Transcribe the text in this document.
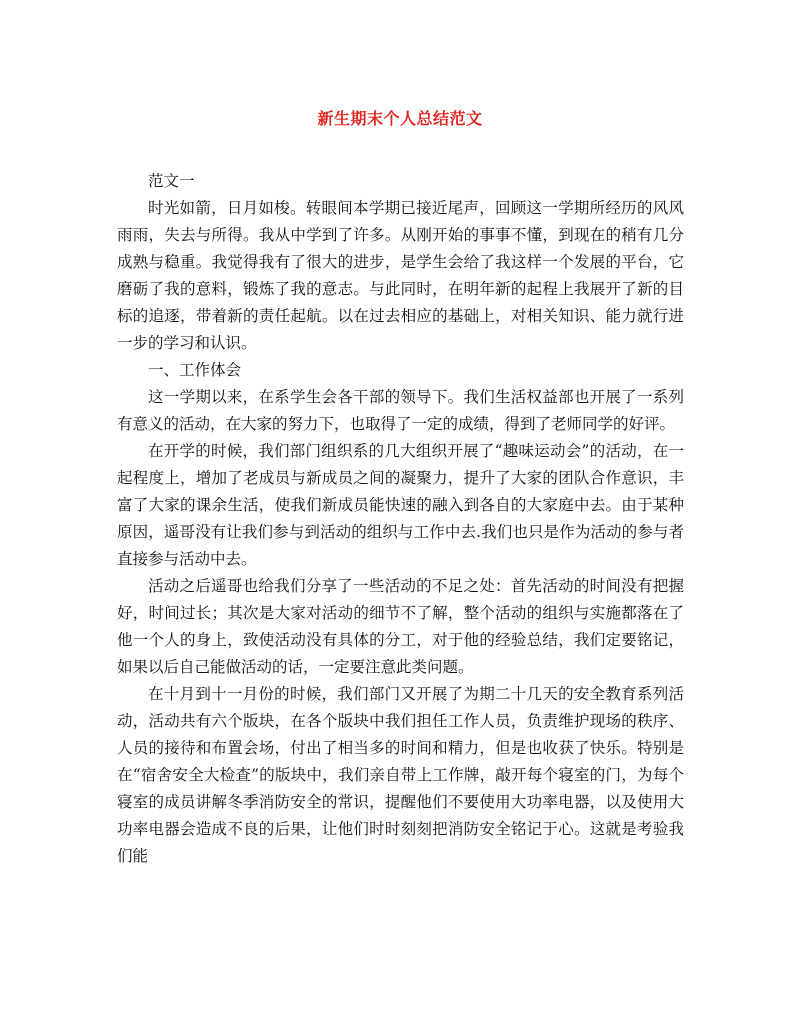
新生期末个人总结范文

范文一

时光如箭，日月如梭。转眼间本学期已接近尾声，回顾这一学期所经历的风风雨雨，失去与所得。我从中学到了许多。从刚开始的事事不懂，到现在的稍有几分成熟与稳重。我觉得我有了很大的进步，是学生会给了我这样一个发展的平台，它磨砺了我的意料，锻炼了我的意志。与此同时，在明年新的起程上我展开了新的目标的追逐，带着新的责任起航。以在过去相应的基础上，对相关知识、能力就行进一步的学习和认识。

一、工作体会

这一学期以来，在系学生会各干部的领导下。我们生活权益部也开展了一系列有意义的活动，在大家的努力下，也取得了一定的成绩，得到了老师同学的好评。

在开学的时候，我们部门组织系的几大组织开展了“趣味运动会”的活动，在一起程度上，增加了老成员与新成员之间的凝聚力，提升了大家的团队合作意识，丰富了大家的课余生活，使我们新成员能快速的融入到各自的大家庭中去。由于某种原因，遥哥没有让我们参与到活动的组织与工作中去.我们也只是作为活动的参与者直接参与活动中去。

活动之后遥哥也给我们分享了一些活动的不足之处：首先活动的时间没有把握好，时间过长；其次是大家对活动的细节不了解，整个活动的组织与实施都落在了他一个人的身上，致使活动没有具体的分工，对于他的经验总结，我们定要铭记，如果以后自己能做活动的话，一定要注意此类问题。

在十月到十一月份的时候，我们部门又开展了为期二十几天的安全教育系列活动，活动共有六个版块，在各个版块中我们担任工作人员，负责维护现场的秩序、人员的接待和布置会场，付出了相当多的时间和精力，但是也收获了快乐。特别是在“宿舍安全大检查”的版块中，我们亲自带上工作牌，敲开每个寝室的门，为每个寝室的成员讲解冬季消防安全的常识，提醒他们不要使用大功率电器，以及使用大功率电器会造成不良的后果，让他们时时刻刻把消防安全铭记于心。这就是考验我们能
